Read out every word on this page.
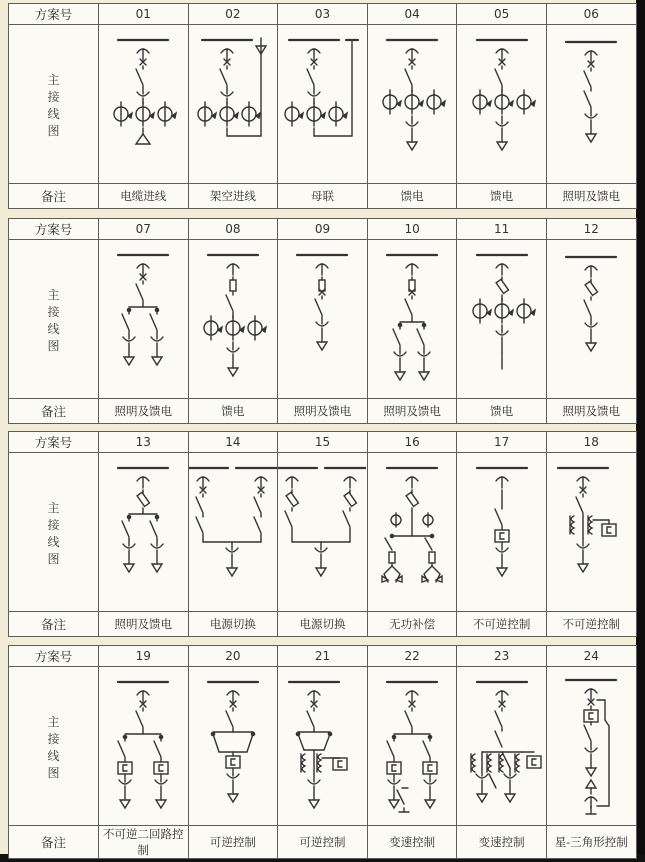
方案号	01	02	03	04	05	06

主
接
线
图

备注	电缆进线	架空进线	母联	馈电	馈电	照明及馈电
方案号	07	08	09	10	11	12

主
接
线
图

备注	照明及馈电	馈电	照明及馈电	照明及馈电	馈电	照明及馈电
方案号	13	14	15	16	17	18

主
接
线
图

备注	照明及馈电	电源切换	电源切换	无功补偿	不可逆控制	不可逆控制
方案号	19	20	21	22	23	24

主
接
线
图

备注	不可逆二回路控制	可逆控制	可逆控制	变速控制	变速控制	星-三角形控制
